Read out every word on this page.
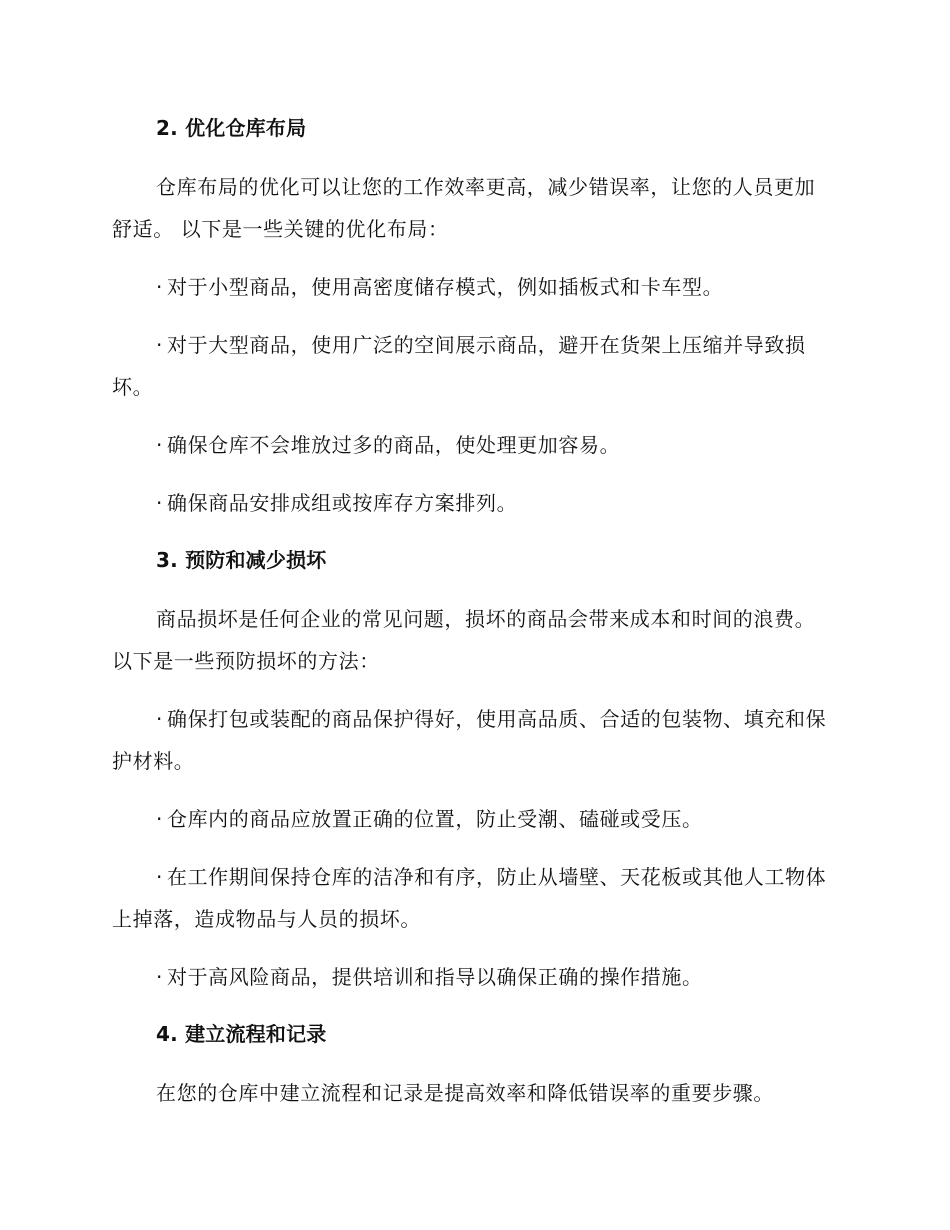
2. 优化仓库布局
仓库布局的优化可以让您的工作效率更高，减少错误率，让您的人员更加舒适。 以下是一些关键的优化布局：
· 对于小型商品，使用高密度储存模式，例如插板式和卡车型。
· 对于大型商品，使用广泛的空间展示商品，避开在货架上压缩并导致损坏。
· 确保仓库不会堆放过多的商品，使处理更加容易。
· 确保商品安排成组或按库存方案排列。
3. 预防和减少损坏
商品损坏是任何企业的常见问题，损坏的商品会带来成本和时间的浪费。以下是一些预防损坏的方法：
· 确保打包或装配的商品保护得好，使用高品质、合适的包装物、填充和保护材料。
· 仓库内的商品应放置正确的位置，防止受潮、磕碰或受压。
· 在工作期间保持仓库的洁净和有序，防止从墙壁、天花板或其他人工物体上掉落，造成物品与人员的损坏。
· 对于高风险商品，提供培训和指导以确保正确的操作措施。
4. 建立流程和记录
在您的仓库中建立流程和记录是提高效率和降低错误率的重要步骤。
